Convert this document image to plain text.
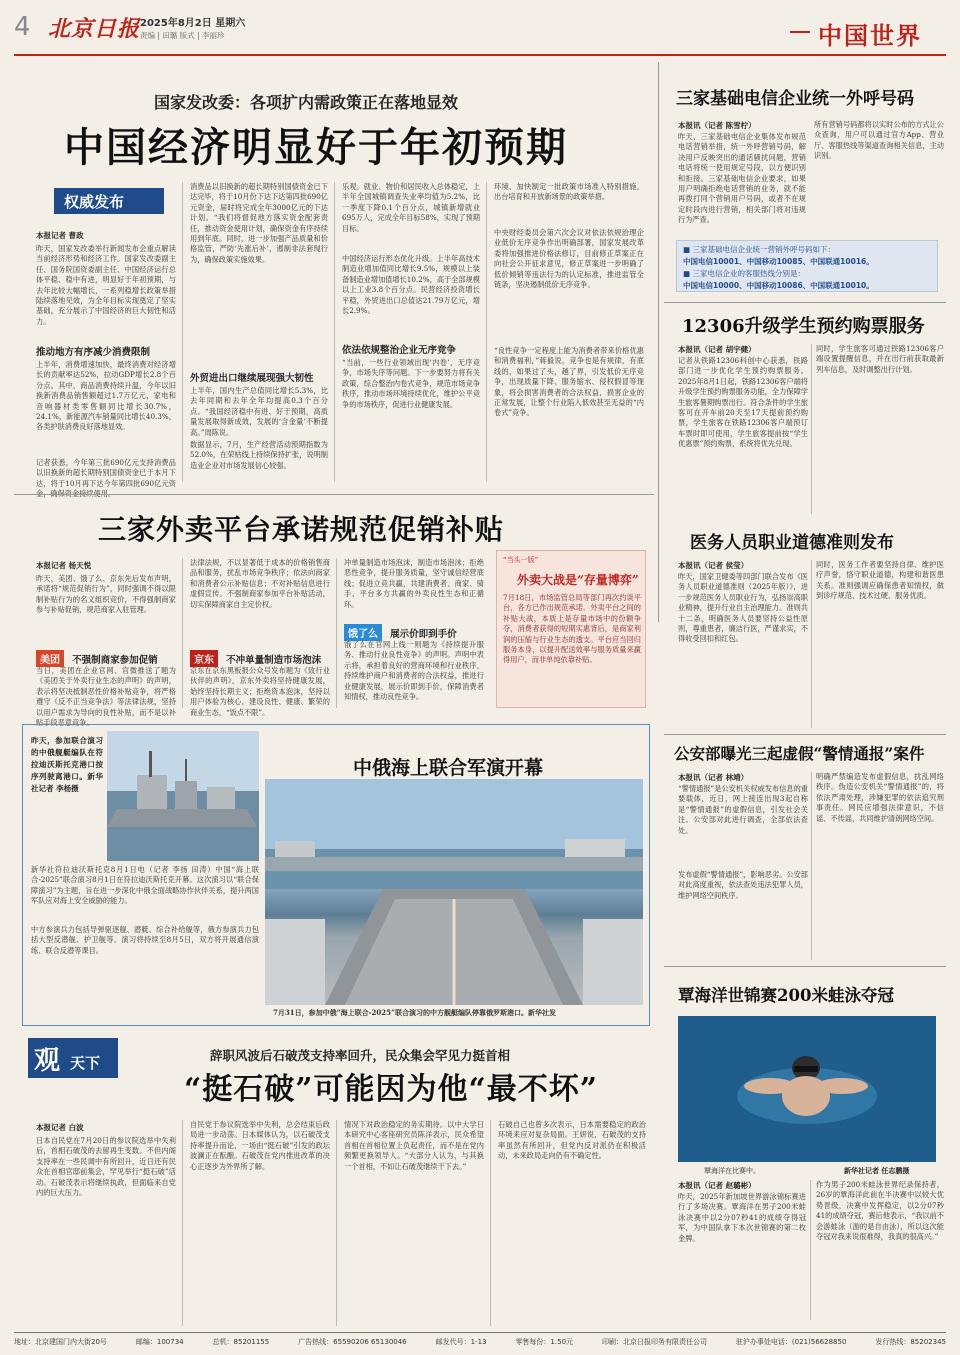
4 北京日报 2025年8月2日 星期六
责编 | 田璐 版式 | 李丽珍	中国世界
国家发改委：各项扩内需政策正在落地显效
中国经济明显好于年初预期
权威发布
本报记者 曹政
昨天，国家发改委举行新闻发布会重点解读当前经济形势和经济工作。国家发改委副主任、国务院国资委副主任、中国经济运行总体平稳、稳中有进，明显好于年初预期，与去年比较大幅增长，一系列稳增长政策举措陆续落地见效，为全年目标实现奠定了坚实基础，充分展示了中国经济的巨大韧性和活力。
推动地方有序减少消费限制
上半年，消费增速加快，最终消费对经济增长的贡献率达52%，拉动GDP增长2.8个百分点。其中，商品消费持续升温，今年以旧换新消费品销售额超过1.7万亿元，家电和音响器材类零售额同比增长30.7%，24.1%，新能源汽车销量同比增长40.3%，各类护肤消费良好落地显效。
记者获悉，今年第三批690亿元支持消费品以旧换新的超长期特别国债资金已于本月下达，将于10月再下达今年第四批690亿元资
消费品以旧换新的超长期特别国债资金已下达完毕，将于10月份下达下达第四批690亿元资金，届时将完成全年3000亿元的下达计划。“我们将督促地方落实资金配套责任，推动资金使用计划，确保资金有序持续用到年底。同时，进一步加强产品质量和价格监管，严防‘先涨后补’，遏制非法套现行为，确保政策实施效果。
外贸进出口继续展现强大韧性
上半年，国内生产总值同比增长5.3%，比去年同期和去年全年均提高0.3个百分点。“我国经济稳中有进、好于预期，高质量发展取得新成效，发展的‘含金量’不断提高。”周陈说。
数据显示，7月，生产经营活动预期指数为52.0%，在荣枯线上持续保持扩张，说明制造业企业对市场发展信心较强。
乐观。就业、物价和居民收入总体稳定，上半年全国城镇调查失业率均值为5.2%，比一季度下降0.1个百分点，城镇新增就业695万人，完成全年目标58%，实现了预期目标。
中国经济运行形态优化升级。上半年高技术制造业增加值同比增长9.5%，规模以上装备制造业增加值增长10.2%，高于全部规模以上工业3.8个百分点。民营经济投资增长平稳，外贸进出口总值达21.79万亿元，增长2.9%。
依法依规整治企业无序竞争
“当前，一些行业领域出现‘内卷’，无序竞争，市场失序等问题。下一步要努力将有关政策，综合整治内卷式竞争，规范市场竞争秩序，推动市场环境持续优化，维护公平竞争的市场秩序，促进行业健康发展。
环境，加快制定一批政策市场准入特别措施，出台培育和开放新场景的政策举措。
中央财经委员会第六次会议对依法依规治理企业低价无序竞争作出明确部署，国家发展改革委将加强推进价格法修订，目前修正草案正在向社会公开征求意见，修正草案进一步明确了低价倾销等违法行为的认定标准，推进监管全链条，坚决遏制低价无序竞争。
“良性竞争一定程度上能为消费者带来价格优惠和消费福利，”蒋毅说，竞争也是有规律，有底线的，如果过了头，越了界，引发低价无序竞争，出现质量下降、服务缩水、侵权假冒等现象，将会损害消费者的合法权益，损害企业的正常发展，让整个行业陷入低效甚至无益的“内卷式”竞争。
三家基础电信企业统一外呼号码
本报讯（记者 陈雪柠）
昨天，三家基础电信企业集体发布规范电话营销举措，统一外呼营销号码，解决用户反映突出的通话骚扰问题，营销电话将统一使用规定号段，以方便识别和拒接。三家基础电信企业要求，如果用户明确拒绝电话营销的业务，就不能再拨打同个营销用户号码，或者不在规定时段内进行营销，相关部门将对违规行为严查。
所有营销号码都将以实时公布的方式让公众查询，用户可以通过官方App、营业厅、客服热线等渠道查询相关信息，主动识别。
■ 三家基础电信企业统一营销外呼号码如下：
中国电信10001、中国移动10085、中国联通10016。
■ 三家电信企业的客服热线分别是：
中国电信10000、中国移动10086、中国联通10010。
12306升级学生预约购票服务
本报讯（记者 胡宇健）
记者从铁路12306科创中心获悉，铁路部门进一步优化学生预约购票服务。2025年8月1日起，铁路12306客户端将升级学生预约购票服务功能，全力保障学生旅客暑期购票出行。符合条件的学生旅客可在开车前20天至17天提前预约购票，学生旅客在铁路12306客户端预订车票时即可使用，学生旅客提前按“学生优惠票”预约购票，系统将优先兑现。
同时，学生旅客可通过铁路12306客户端设置提醒信息，并在出行前获取最新列车信息，及时调整出行计划。
三家外卖平台承诺规范促销补贴
本报记者 杨天悦
昨天，美团、饿了么、京东先后发布声明，承诺将“规范促销行为”，同时强调不得以限制补贴行为的名义组织竞价，不得强制商家参与补贴促销，规范商家入驻管理。
美团 不强制商家参加促销
当日，美团在企业官网、官微推送了题为《美团关于外卖行业生态的声明》的声明，表示将坚决抵制恶性价格补贴竞争，将严格遵守《反不正当竞争法》等法律法规，坚持以用户需求为导向的良性补贴，而不是以补贴手段恶意竞争。
法律法规，不以显著低于成本的价格销售商品和服务，扰乱市场竞争秩序；依法向商家和消费者公示补贴信息；不对补贴信息进行虚假宣传。不强制商家参加平台补贴活动，切实保障商家自主定价权。
京东 不冲单量制造市场泡沫
京东在京东黑板报公众号发布题为《致行业伙伴的声明》，京东外卖将坚持健康发展，始终坚持长期主义；拒绝资本泡沫，坚持以用户体验为核心，建设良性、健康、繁荣的商业生态，“饭点不限”。
冲单量制造市场泡沫，制造市场泡沫；拒绝恶性竞争，提升服务质量，坚守诚信经营底线；促进立竞共赢，共建消费者、商家、骑手、平台多方共赢的外卖良性生态和正循环。
饿了么 展示价即到手价
饿了么在官网上线一则题为《持续提升服务、推动行业良性竞争》的声明。声明中表示将，承担着良好的营商环境和行业秩序，持续维护商户和消费者的合法权益，推进行业健康发展，展示价即到手价，保障消费者知情权，推动良性竞争。
“当头一版”
外卖大战是“存量博弈”
7月18日，市场监管总局等部门再次约谈平台，各方已作出规范承诺。外卖平台之间的补贴大战，本质上是存量市场中的份额争夺，消费者获得的短期实惠背后，是商家利润的压缩与行业生态的透支。平台应当回归服务本身，以提升配送效率与服务质量来赢得用户，而非单纯依靠补贴。
医务人员职业道德准则发布
本报讯（记者 侯莹）
昨天，国家卫健委等四部门联合发布《医务人员职业道德准则（2025年版）》，进一步规范医务人员职业行为，弘扬崇高职业精神，提升行业自主治理能力。准则共十二条，明确医务人员要坚持公益性原则，尊重患者，廉洁行医，严谨求实，不得收受回扣和红包。
同时，医务工作者要坚持自律、维护医疗声誉，恪守职业道德，构建和谐医患关系。准则强调应确保患者知情权，做到诊疗规范、技术过硬、服务优质。
公安部曝光三起虚假“警情通报”案件
本报讯（记者 林靖）
“警情通报”是公安机关权威发布信息的重要载体，近日，网上接连出现3起自称是“警情通报”的虚假信息，引发社会关注。公安部对此进行调查，全部依法查处。
发布虚假“警情通报”，影响恶劣。公安部对此高度重视，依法查处违法犯罪人员，维护网络空间秩序。
明确严禁编造发布虚假信息，扰乱网络秩序。伪造公安机关“警情通报”的，将依法严肃处理，涉嫌犯罪的依法追究刑事责任。网民应增强法律意识，不信谣、不传谣，共同维护清朗网络空间。
中俄海上联合军演开幕
昨天，参加联合演习的中俄舰艇编队在符拉迪沃斯托克港口按序列驶离港口。新华社记者 李杨摄
新华社符拉迪沃斯托克8月1日电（记者 李扬 田涛）中国“海上联合-2025”联合演习8月1日在符拉迪沃斯托克开幕。这次演习以“联合保障演习”为主题，旨在进一步深化中俄全面战略协作伙伴关系，提升两国军队应对海上安全威胁的能力。
中方参演兵力包括导弹驱逐舰、潜艇、综合补给舰等，俄方参演兵力包括大型反潜舰、护卫舰等。演习将持续至8月5日，双方将开展通信演练、联合反潜等课目。
7月31日，参加中俄“海上联合-2025”联合演习的中方舰艇编队停靠俄罗斯港口。新华社发
覃海洋世锦赛200米蛙泳夺冠
覃海洋在比赛中。	新华社记者 任志鹏摄
本报讯（记者 赵璐彬）
昨天，2025年新加坡世界游泳锦标赛进行了多场决赛。覃海洋在男子200米蛙泳决赛中以2分07秒41的成绩夺得冠军，为中国队拿下本次世锦赛的第二枚金牌。
作为男子200米蛙泳世界纪录保持者，26岁的覃海洋此前在半决赛中以较大优势晋级，决赛中发挥稳定，以2分07秒41的成绩夺冠，赛后他表示，“我以前不会游蛙泳（游的是自由泳），所以这次能夺冠对我来说很难得，我真的很高兴。”
观 天下	辞职风波后石破茂支持率回升，民众集会罕见力挺首相
“挺石破”可能因为他“最不坏”
本报记者 白波
日本自民党在7月20日的参议院选举中失利后，首相石破茂的去留再生变数。不但内阁支持率在一些民调中有所回升，近日还有民众在首相官邸前集会，罕见举行“挺石破”活动。石破茂表示将继续执政，但面临来自党内的巨大压力。
自民党于参议院选举中失利，总会结束后政局进一步动荡。日本媒体认为，以石破茂支持率提升而论，一场由“挺石破”引发的政坛波澜正在酝酿。石破茂在党内推进改革的决心正逐步为外界所了解。
情况下对政治稳定的务实期待。以中大学日本研究中心客座研究员陈洋表示，民众希望首相在首相位置上负起责任，而不是在党内频繁更换领导人。“大部分人认为，与其换一个首相，不如让石破茂继续干下去。”
石破自己也曾多次表示，日本需要稳定的政治环境来应对复杂局面。王妍说，石破茂的支持率虽然有所回升，但党内反对派仍在积极活动，未来政局走向仍有不确定性。
地址：北京建国门内大街20号	邮编：100734	总机：85201155	广告热线：65590206 65130046	邮发代号：1-13	零售每份：1.50元	印刷：北京日报印务有限责任公司	驻沪办事处电话：(021)56628850	发行热线：85202345
